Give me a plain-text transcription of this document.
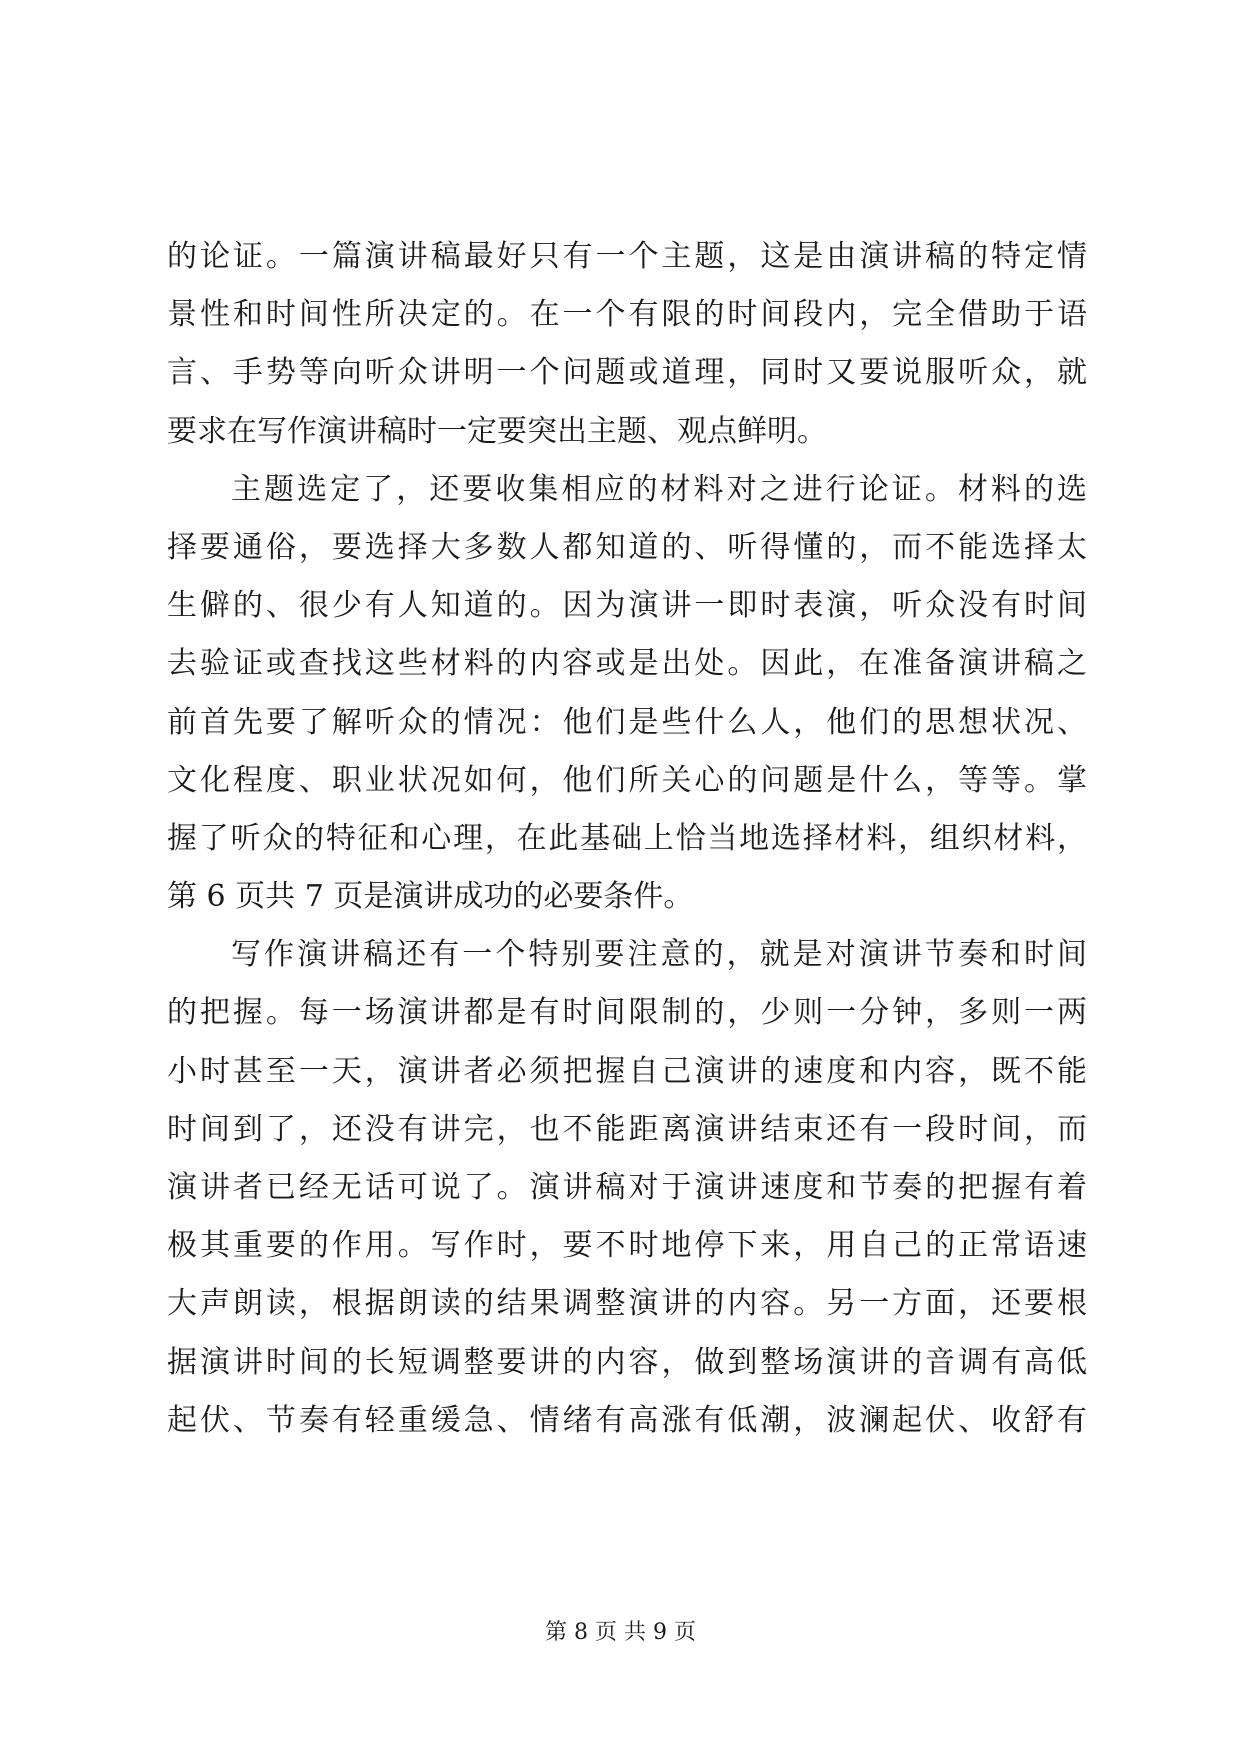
的论证。一篇演讲稿最好只有一个主题，这是由演讲稿的特定情
景性和时间性所决定的。在一个有限的时间段内，完全借助于语
言、手势等向听众讲明一个问题或道理，同时又要说服听众，就
要求在写作演讲稿时一定要突出主题、观点鲜明。
主题选定了，还要收集相应的材料对之进行论证。材料的选
择要通俗，要选择大多数人都知道的、听得懂的，而不能选择太
生僻的、很少有人知道的。因为演讲一即时表演，听众没有时间
去验证或查找这些材料的内容或是出处。因此，在准备演讲稿之
前首先要了解听众的情况：他们是些什么人，他们的思想状况、
文化程度、职业状况如何，他们所关心的问题是什么，等等。掌
握了听众的特征和心理，在此基础上恰当地选择材料，组织材料，
第 6 页共 7 页是演讲成功的必要条件。
写作演讲稿还有一个特别要注意的，就是对演讲节奏和时间
的把握。每一场演讲都是有时间限制的，少则一分钟，多则一两
小时甚至一天，演讲者必须把握自己演讲的速度和内容，既不能
时间到了，还没有讲完，也不能距离演讲结束还有一段时间，而
演讲者已经无话可说了。演讲稿对于演讲速度和节奏的把握有着
极其重要的作用。写作时，要不时地停下来，用自己的正常语速
大声朗读，根据朗读的结果调整演讲的内容。另一方面，还要根
据演讲时间的长短调整要讲的内容，做到整场演讲的音调有高低
起伏、节奏有轻重缓急、情绪有高涨有低潮，波澜起伏、收舒有
第 8 页 共 9 页
